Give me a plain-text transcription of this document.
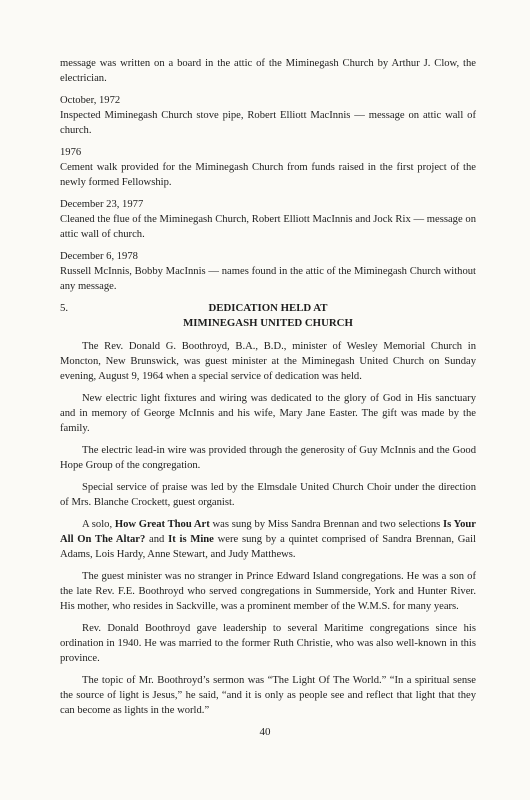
message was written on a board in the attic of the Miminegash Church by Arthur J. Clow, the electrician.

October, 1972
Inspected Miminegash Church stove pipe, Robert Elliott MacInnis — message on attic wall of church.
1976
Cement walk provided for the Miminegash Church from funds raised in the first project of the newly formed Fellowship.
December 23, 1977
Cleaned the flue of the Miminegash Church, Robert Elliott MacInnis and Jock Rix — message on attic wall of church.
December 6, 1978
Russell McInnis, Bobby MacInnis — names found in the attic of the Miminegash Church without any message.
5.	DEDICATION HELD AT
MIMINEGASH UNITED CHURCH

The Rev. Donald G. Boothroyd, B.A., B.D., minister of Wesley Memorial Church in Moncton, New Brunswick, was guest minister at the Miminegash United Church on Sunday evening, August 9, 1964 when a special service of dedication was held.

New electric light fixtures and wiring was dedicated to the glory of God in His sanctuary and in memory of George McInnis and his wife, Mary Jane Easter. The gift was made by the family.

The electric lead-in wire was provided through the generosity of Guy McInnis and the Good Hope Group of the congregation.

Special service of praise was led by the Elmsdale United Church Choir under the direction of Mrs. Blanche Crockett, guest organist.

A solo, How Great Thou Art was sung by Miss Sandra Brennan and two selections Is Your All On The Altar? and It is Mine were sung by a quintet comprised of Sandra Brennan, Gail Adams, Lois Hardy, Anne Stewart, and Judy Matthews.

The guest minister was no stranger in Prince Edward Island congregations. He was a son of the late Rev. F.E. Boothroyd who served congregations in Summerside, York and Hunter River. His mother, who resides in Sackville, was a prominent member of the W.M.S. for many years.

Rev. Donald Boothroyd gave leadership to several Maritime congregations since his ordination in 1940. He was married to the former Ruth Christie, who was also well-known in this province.

The topic of Mr. Boothroyd’s sermon was “The Light Of The World.” “In a spiritual sense the source of light is Jesus,” he said, “and it is only as people see and reflect that light that they can become as lights in the world.”

40
